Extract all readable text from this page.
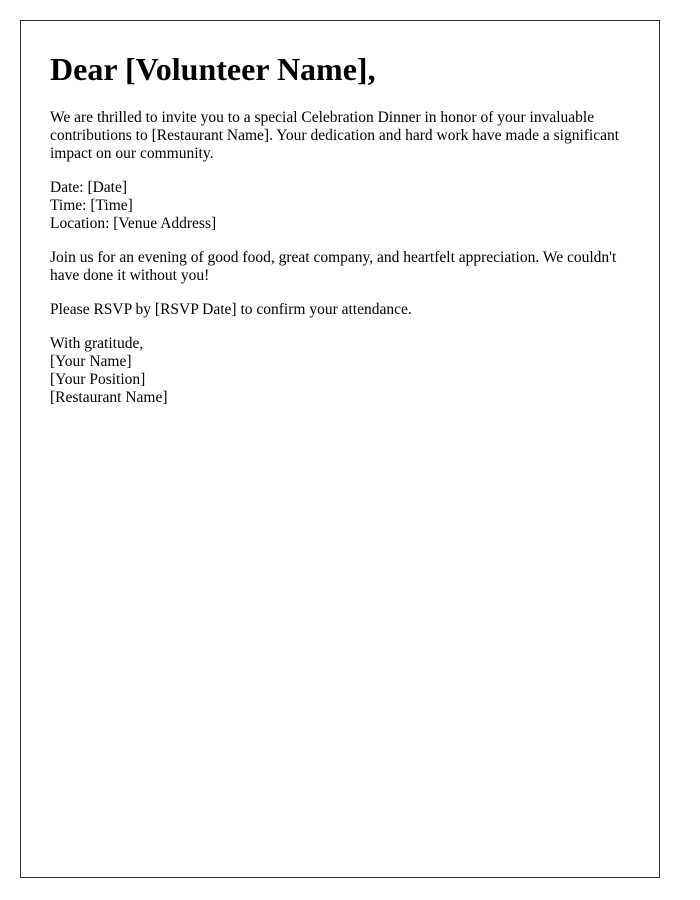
Dear [Volunteer Name],

We are thrilled to invite you to a special Celebration Dinner in honor of your invaluable contributions to [Restaurant Name]. Your dedication and hard work have made a significant impact on our community.

Date: [Date]
Time: [Time]
Location: [Venue Address]

Join us for an evening of good food, great company, and heartfelt appreciation. We couldn't have done it without you!

Please RSVP by [RSVP Date] to confirm your attendance.

With gratitude,
[Your Name]
[Your Position]
[Restaurant Name]
